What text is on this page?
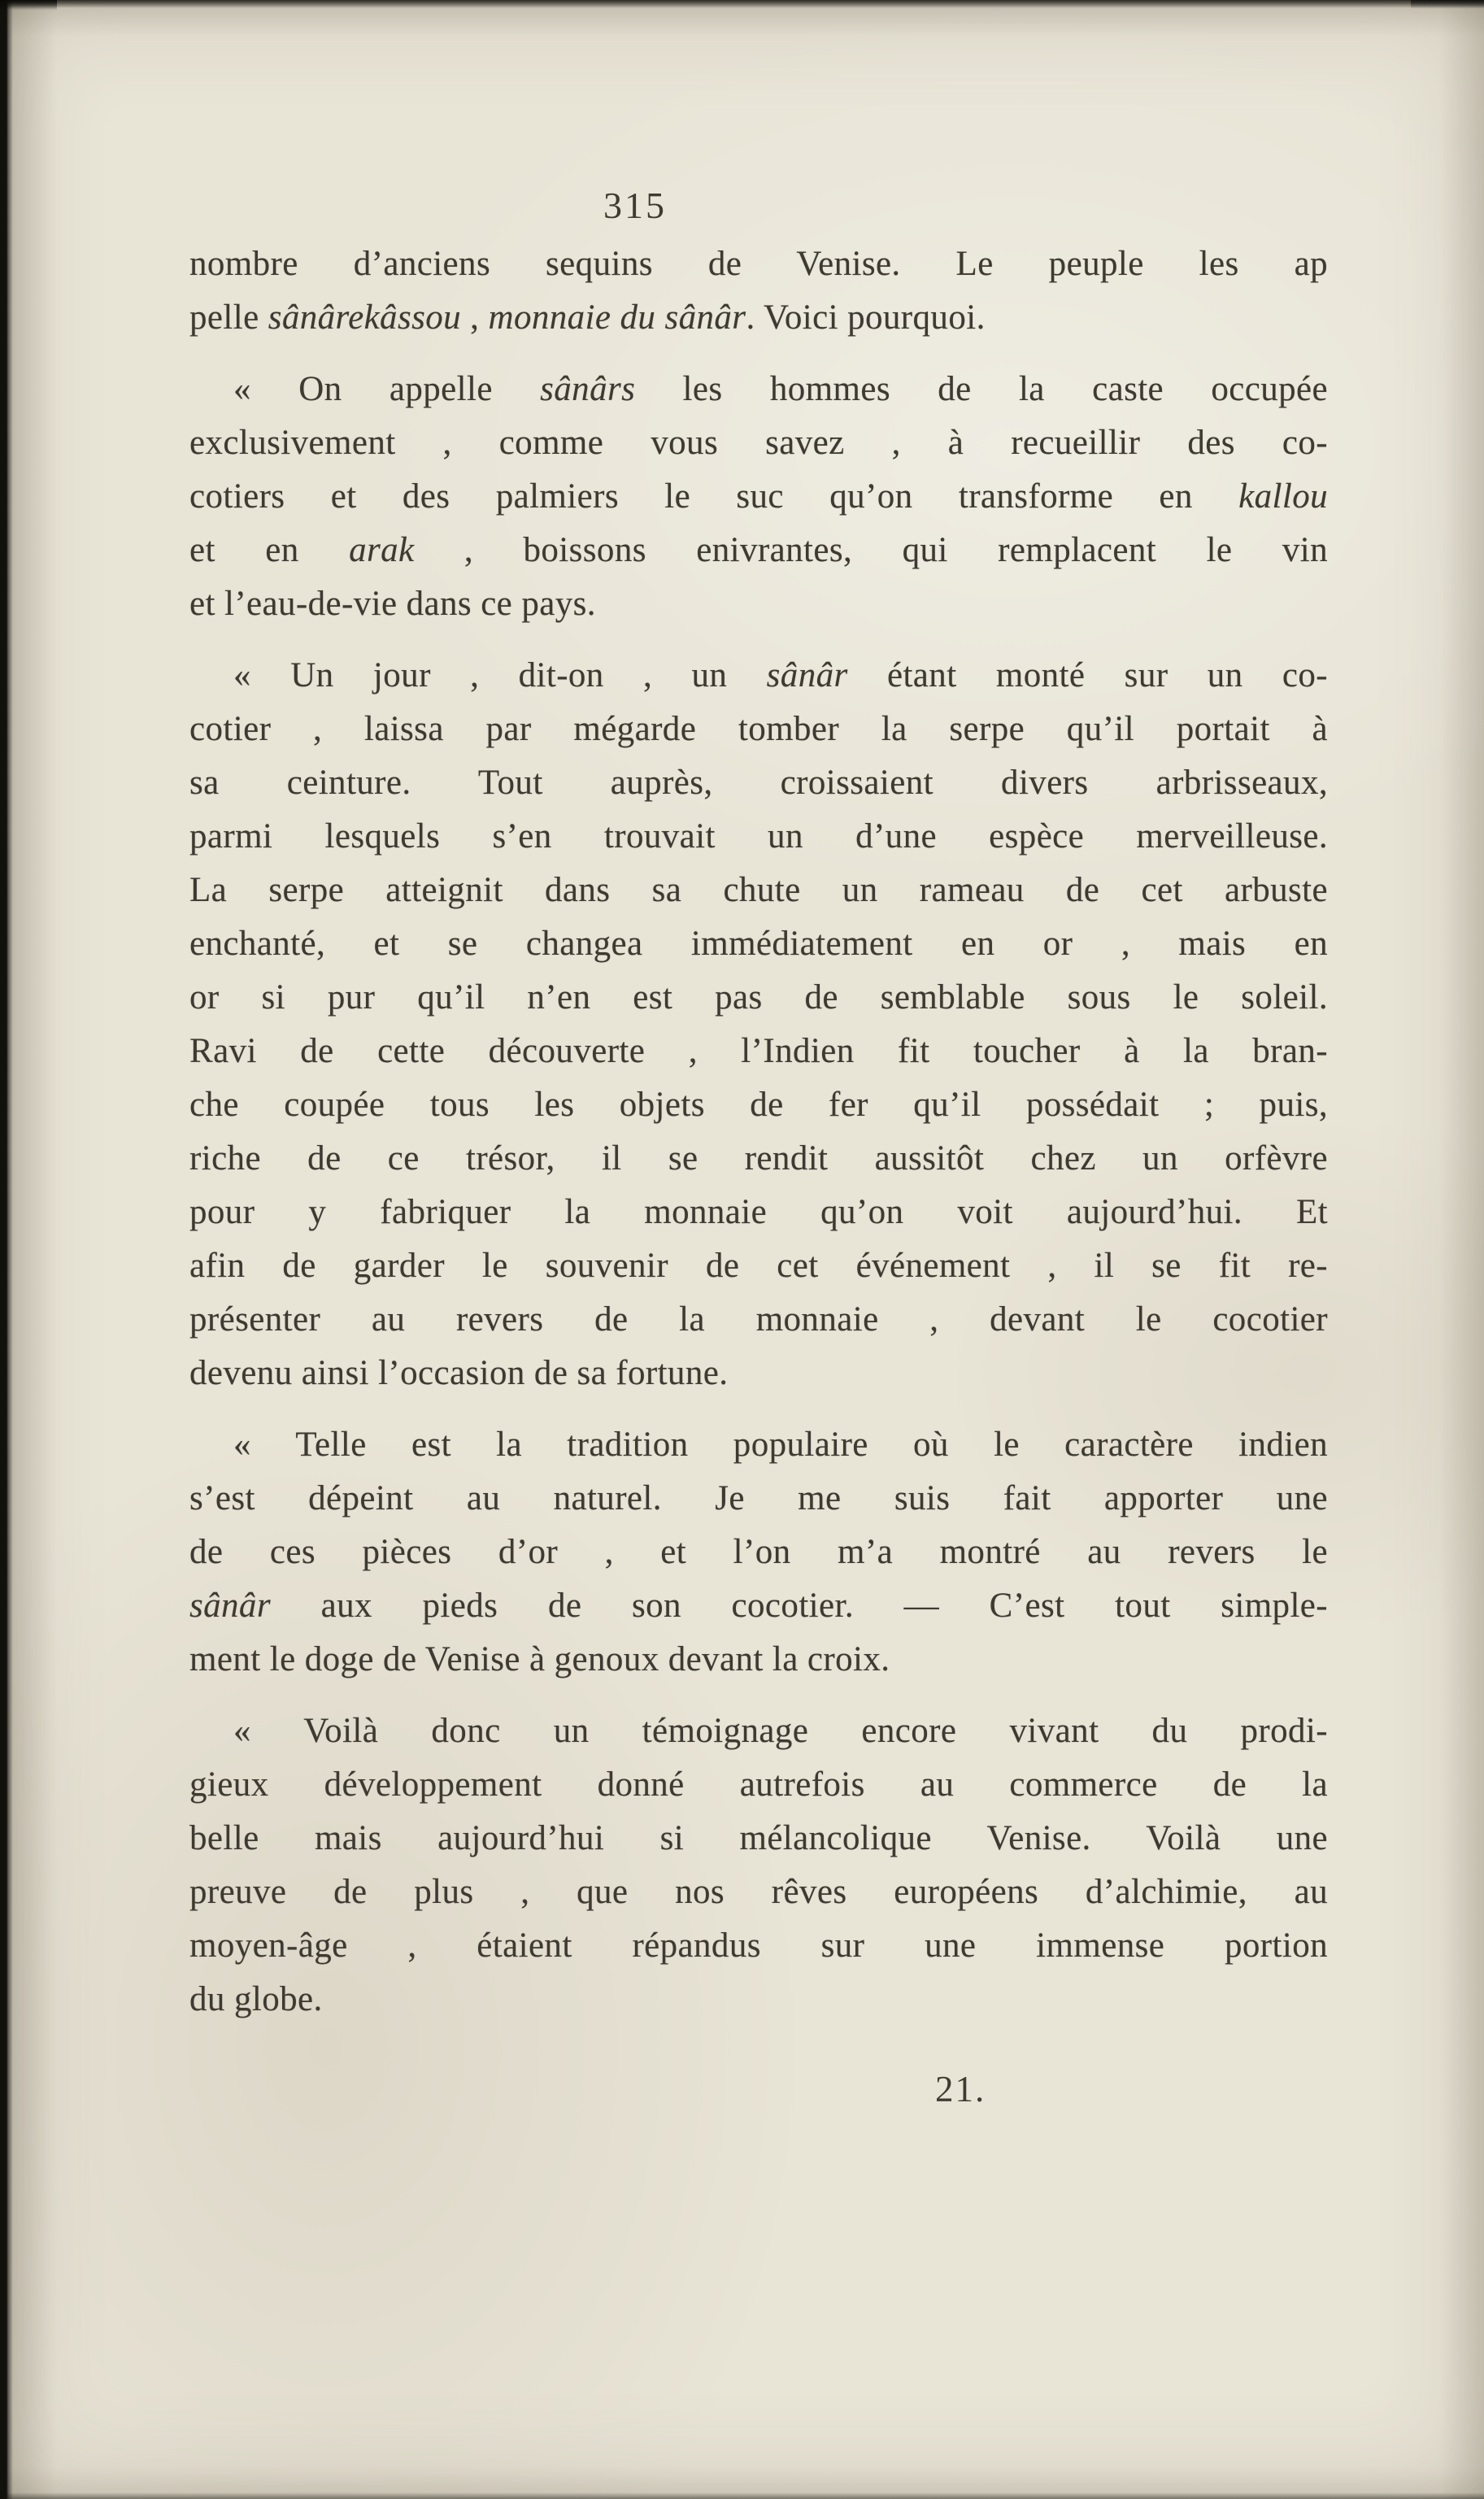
315
nombre d’anciens sequins de Venise. Le peuple les ap
pelle sânârekâssou , monnaie du sânâr. Voici pourquoi.
« On appelle sânârs les hommes de la caste occupée
exclusivement , comme vous savez , à recueillir des co-
cotiers et des palmiers le suc qu’on transforme en kallou
et en arak , boissons enivrantes, qui remplacent le vin
et l’eau-de-vie dans ce pays.
« Un jour , dit-on , un sânâr étant monté sur un co-
cotier , laissa par mégarde tomber la serpe qu’il portait à
sa ceinture. Tout auprès, croissaient divers arbrisseaux,
parmi lesquels s’en trouvait un d’une espèce merveilleuse.
La serpe atteignit dans sa chute un rameau de cet arbuste
enchanté, et se changea immédiatement en or , mais en
or si pur qu’il n’en est pas de semblable sous le soleil.
Ravi de cette découverte , l’Indien fit toucher à la bran-
che coupée tous les objets de fer qu’il possédait ; puis,
riche de ce trésor, il se rendit aussitôt chez un orfèvre
pour y fabriquer la monnaie qu’on voit aujourd’hui. Et
afin de garder le souvenir de cet événement , il se fit re-
présenter au revers de la monnaie , devant le cocotier
devenu ainsi l’occasion de sa fortune.
« Telle est la tradition populaire où le caractère indien
s’est dépeint au naturel. Je me suis fait apporter une
de ces pièces d’or , et l’on m’a montré au revers le
sânâr aux pieds de son cocotier. — C’est tout simple-
ment le doge de Venise à genoux devant la croix.
« Voilà donc un témoignage encore vivant du prodi-
gieux développement donné autrefois au commerce de la
belle mais aujourd’hui si mélancolique Venise. Voilà une
preuve de plus , que nos rêves européens d’alchimie, au
moyen-âge , étaient répandus sur une immense portion
du globe.
21.
